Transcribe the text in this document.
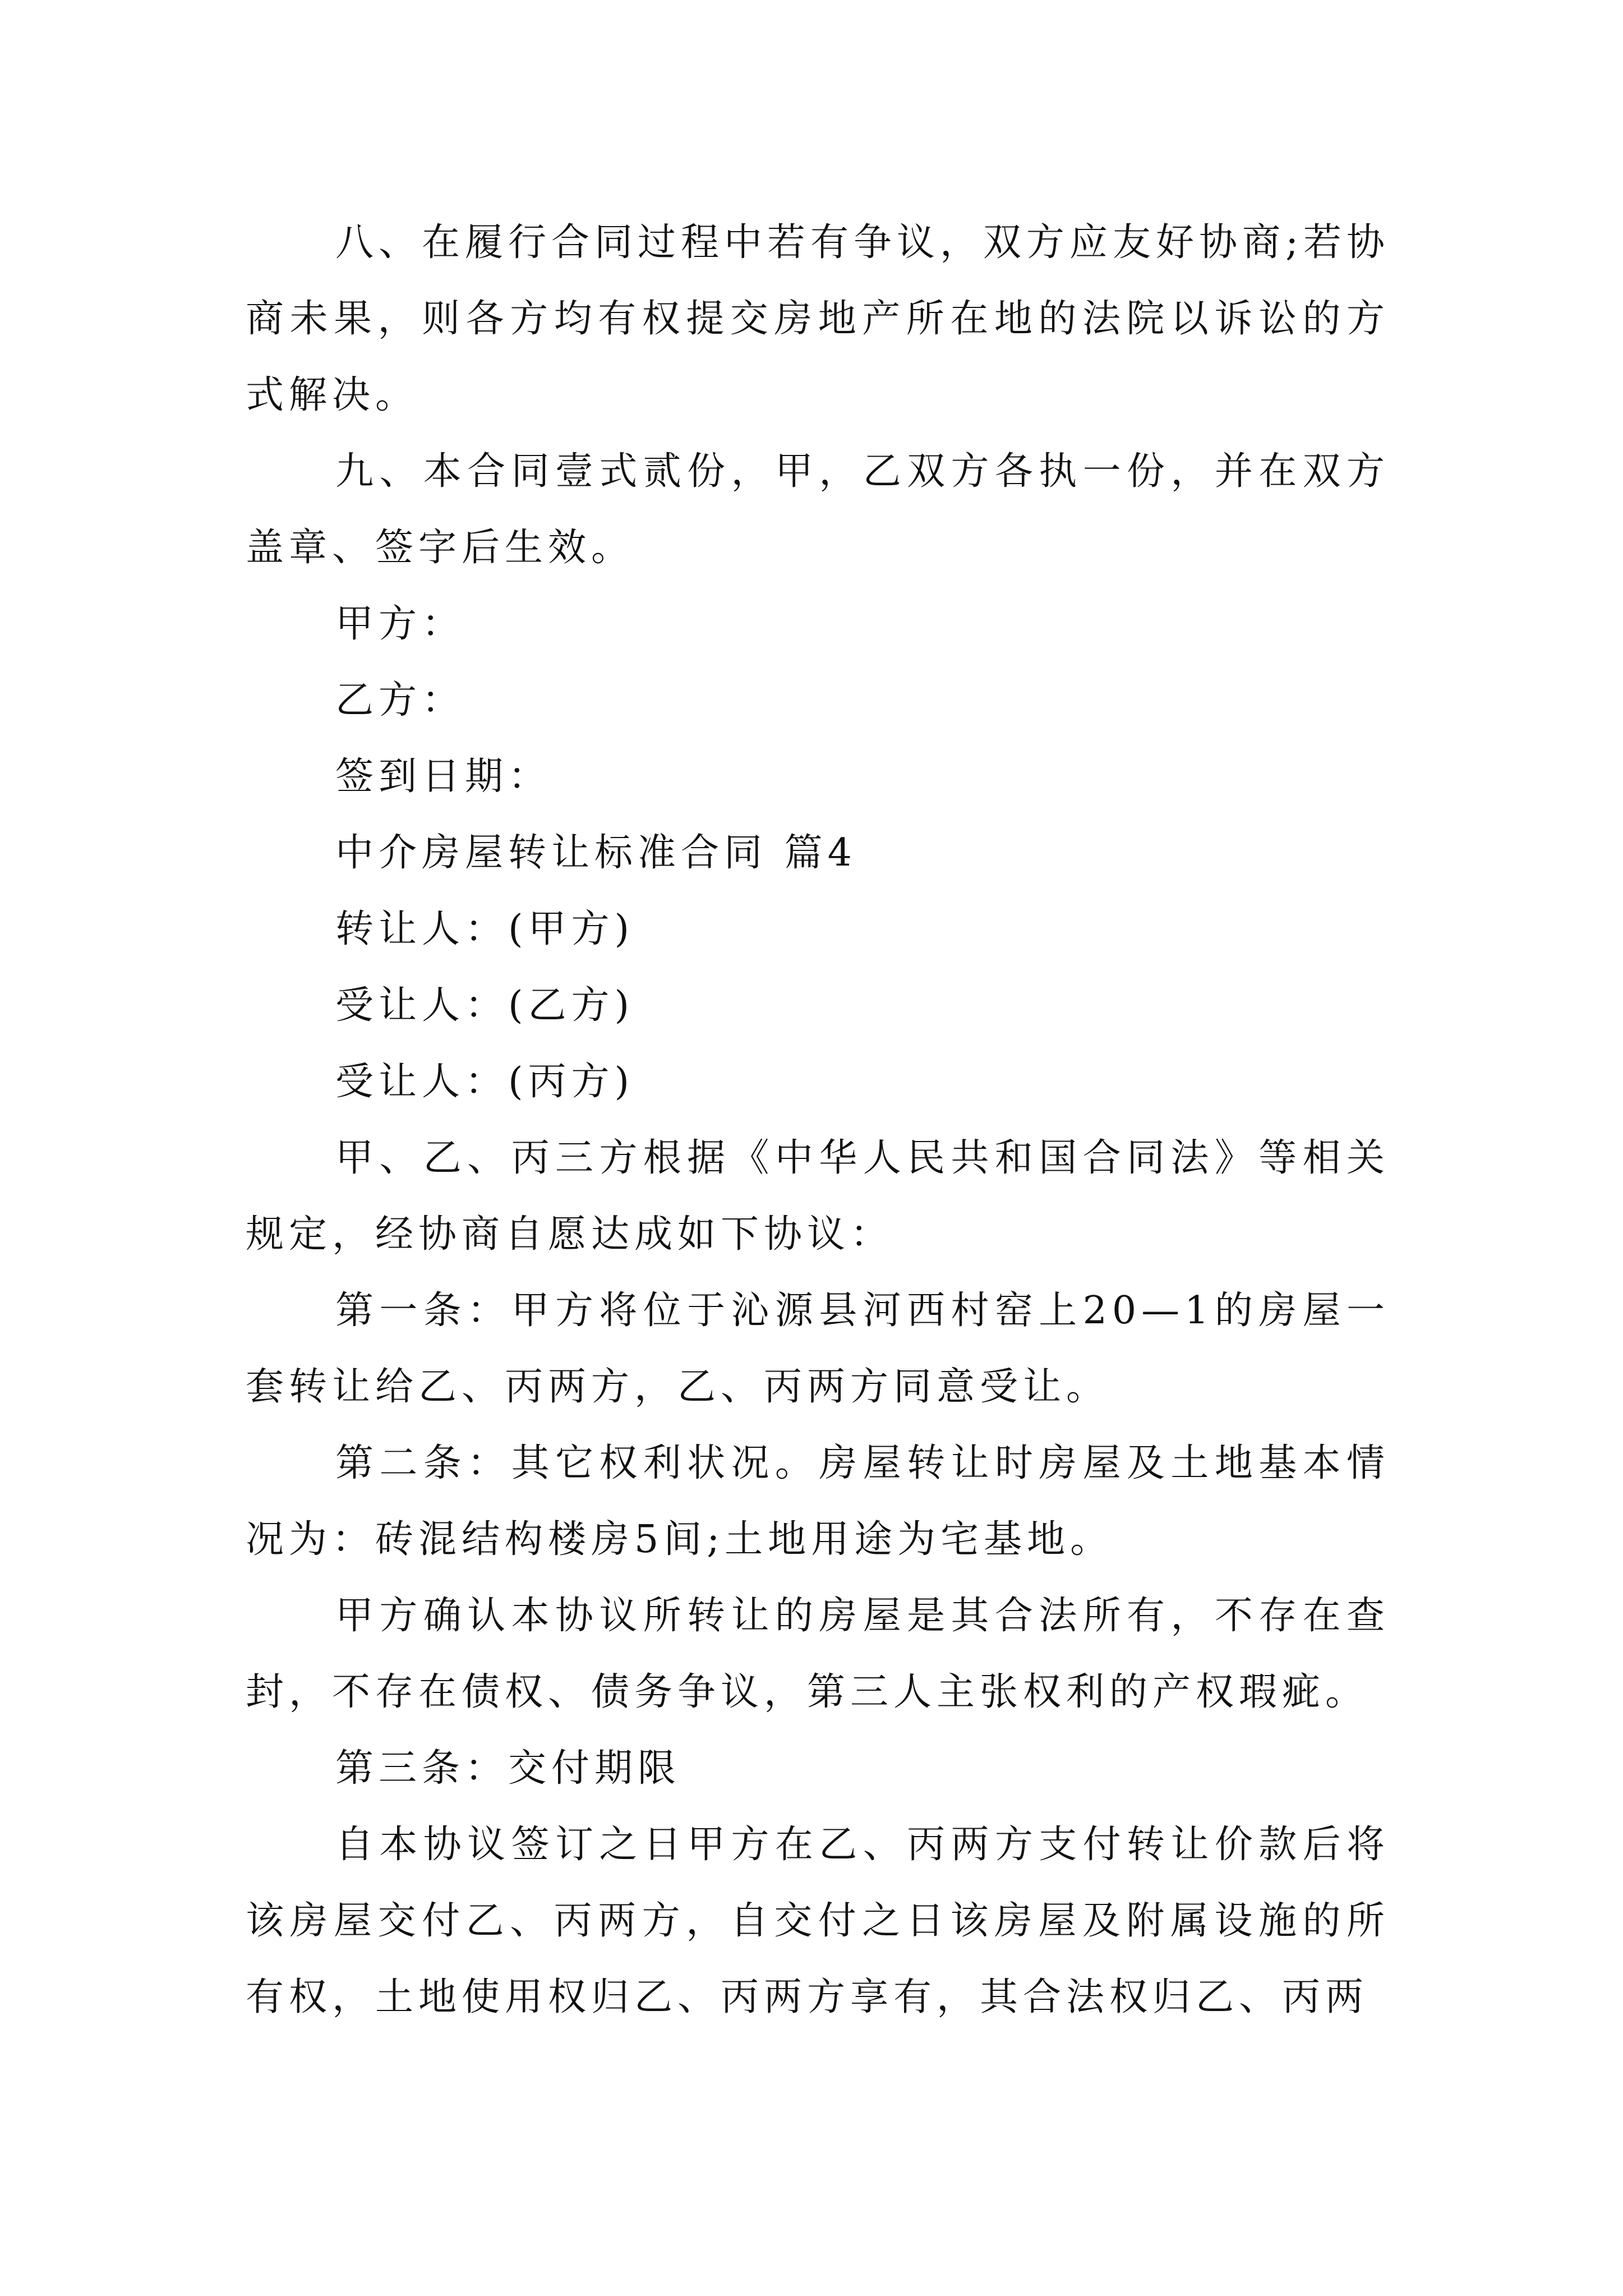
八、在履行合同过程中若有争议，双方应友好协商;若协商未果，则各方均有权提交房地产所在地的法院以诉讼的方式解决。

九、本合同壹式贰份，甲，乙双方各执一份，并在双方盖章、签字后生效。

甲方：

乙方：

签到日期：

中介房屋转让标准合同 篇4

转让人：(甲方)

受让人：(乙方)

受让人：(丙方)

甲、乙、丙三方根据《中华人民共和国合同法》等相关规定，经协商自愿达成如下协议：

第一条：甲方将位于沁源县河西村窑上20—1的房屋一套转让给乙、丙两方，乙、丙两方同意受让。

第二条：其它权利状况。房屋转让时房屋及土地基本情况为：砖混结构楼房5间;土地用途为宅基地。

甲方确认本协议所转让的房屋是其合法所有，不存在查封，不存在债权、债务争议，第三人主张权利的产权瑕疵。

第三条：交付期限

自本协议签订之日甲方在乙、丙两方支付转让价款后将该房屋交付乙、丙两方，自交付之日该房屋及附属设施的所有权，土地使用权归乙、丙两方享有，其合法权归乙、丙两
